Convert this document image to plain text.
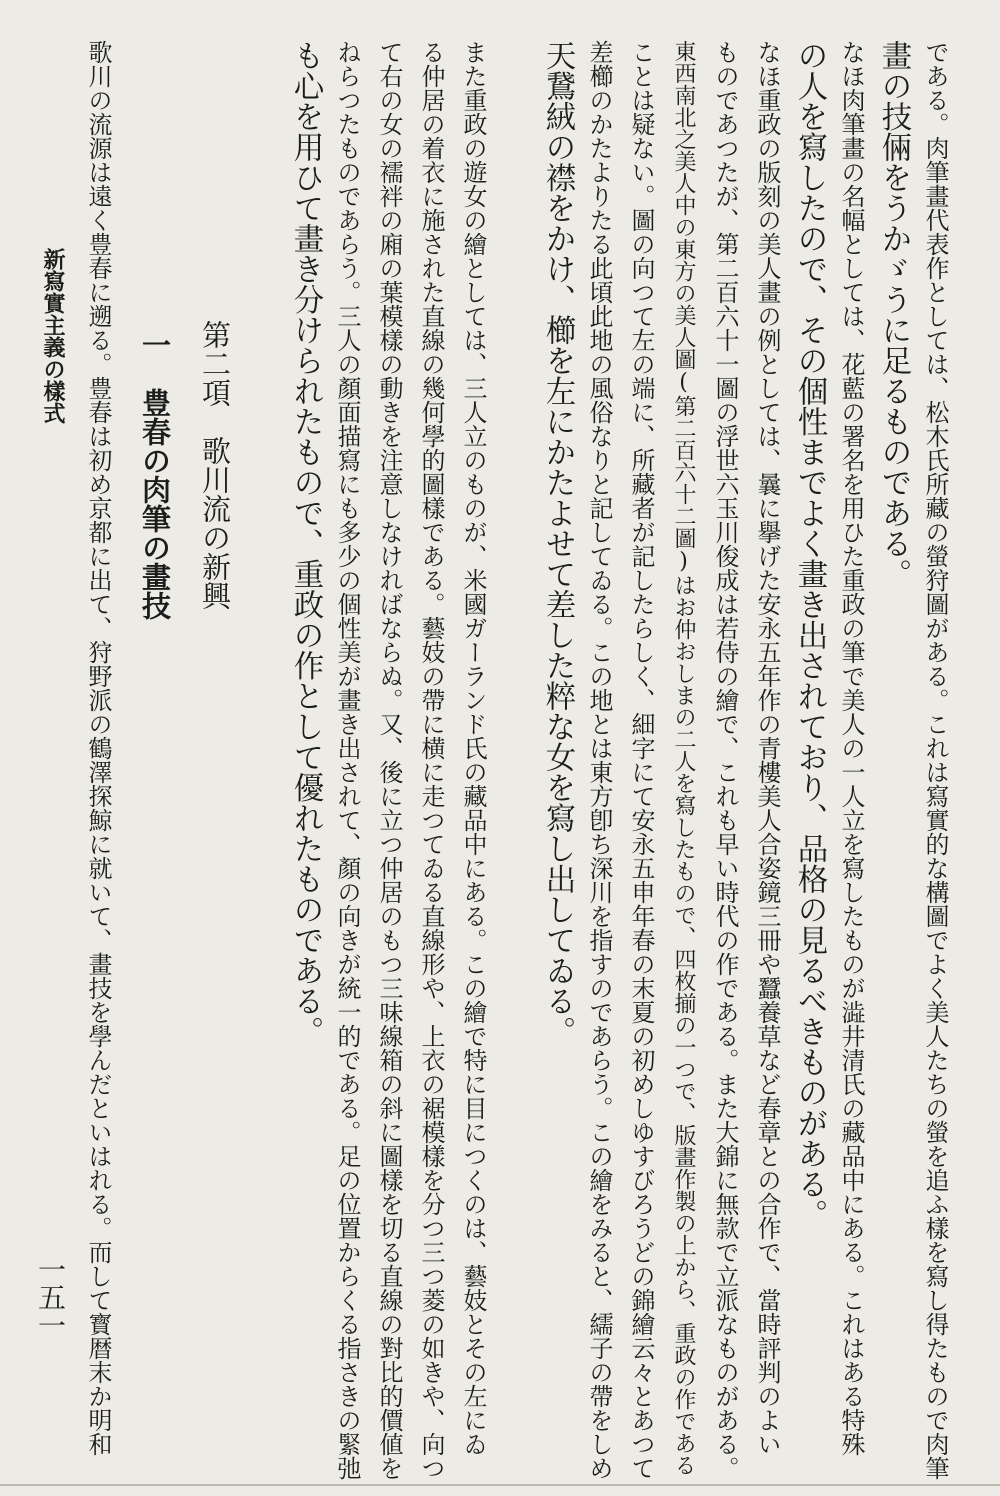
である。肉筆畫代表作としては、松木氏所藏の螢狩圖がある。これは寫實的な構圖でよく美人たちの螢を追ふ樣を寫し得たもので肉筆
畫の技倆をうかゞうに足るものである。
なほ肉筆畫の名幅としては、花藍の署名を用ひた重政の筆で美人の一人立を寫したものが澁井清氏の藏品中にある。これはある特殊
の人を寫したので、その個性までよく畫き出されており、品格の見るべきものがある。
なほ重政の版刻の美人畫の例としては、曩に擧げた安永五年作の青樓美人合姿鏡三冊や蠶養草など春章との合作で、當時評判のよい
ものであつたが、第二百六十一圖の浮世六玉川俊成は若侍の繪で、これも早い時代の作である。また大錦に無款で立派なものがある。
東西南北之美人中の東方の美人圖(第二百六十二圖)はお仲おしまの二人を寫したもので、四枚揃の一つで、版畫作製の上から、重政の作である
ことは疑ない。圖の向つて左の端に、所藏者が記したらしく、細字にて安永五申年春の末夏の初めしゆすびろうどの錦繪云々とあつて
差櫛のかたよりたる此頃此地の風俗なりと記してゐる。この地とは東方卽ち深川を指すのであらう。この繪をみると、繻子の帶をしめ
天鵞絨の襟をかけ、櫛を左にかたよせて差した粹な女を寫し出してゐる。
また重政の遊女の繪としては、三人立のものが、米國ガーランド氏の藏品中にある。この繪で特に目につくのは、藝妓とその左にゐ
る仲居の着衣に施された直線の幾何學的圖樣である。藝妓の帶に横に走つてゐる直線形や、上衣の裾模樣を分つ三つ菱の如きや、向つ
て右の女の襦袢の廂の葉模樣の動きを注意しなければならぬ。又、後に立つ仲居のもつ三味線箱の斜に圖樣を切る直線の對比的價値を
ねらつたものであらう。三人の顏面描寫にも多少の個性美が畫き出されて、顏の向きが統一的である。足の位置からくる指さきの緊弛
も心を用ひて畫き分けられたもので、重政の作として優れたものである。
歌川の流源は遠く豊春に遡る。豊春は初め京都に出て、狩野派の鶴澤探鯨に就いて、畫技を學んだといはれる。而して寳暦末か明和	第二項　歌川流の新興
一　豊春の肉筆の畫技
新寫實主義の樣式
一五一
